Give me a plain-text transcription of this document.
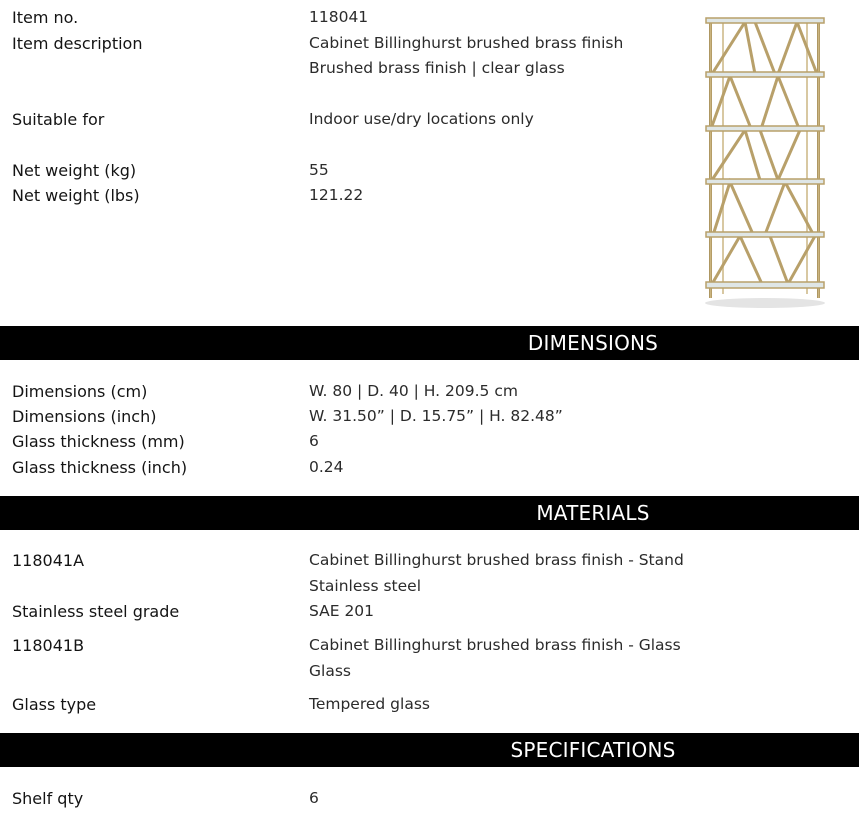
Item no.	118041
Item description	Cabinet Billinghurst brushed brass finish
Brushed brass finish | clear glass
Suitable for	Indoor use/dry locations only
Net weight (kg)	55
Net weight (lbs)	121.22
DIMENSIONS
Dimensions (cm)	W. 80 | D. 40 | H. 209.5 cm
Dimensions (inch)	W. 31.50” | D. 15.75” | H. 82.48”
Glass thickness (mm)	6
Glass thickness (inch)	0.24
MATERIALS
118041A	Cabinet Billinghurst brushed brass finish - Stand
Stainless steel
Stainless steel grade	SAE 201
118041B	Cabinet Billinghurst brushed brass finish - Glass
Glass
Glass type	Tempered glass
SPECIFICATIONS
Shelf qty	6
